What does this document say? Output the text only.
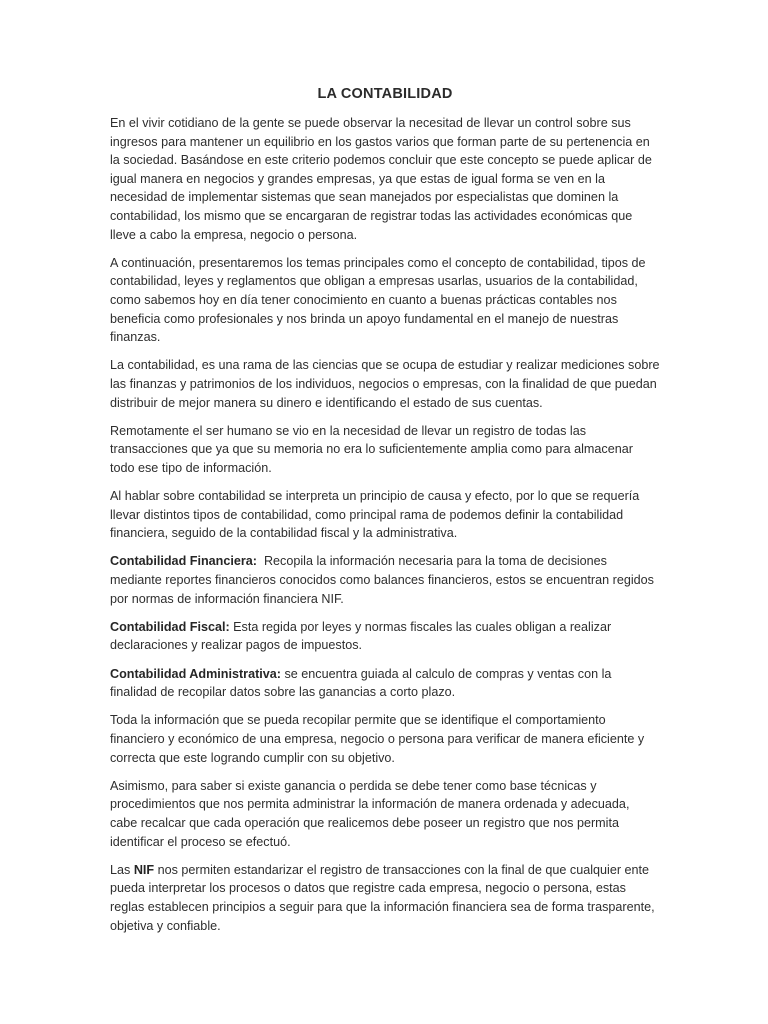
LA CONTABILIDAD

En el vivir cotidiano de la gente se puede observar la necesitad de llevar un control sobre sus ingresos para mantener un equilibrio en los gastos varios que forman parte de su pertenencia en la sociedad. Basándose en este criterio podemos concluir que este concepto se puede aplicar de igual manera en negocios y grandes empresas, ya que estas de igual forma se ven en la necesidad de implementar sistemas que sean manejados por especialistas que dominen la contabilidad, los mismo que se encargaran de registrar todas las actividades económicas que lleve a cabo la empresa, negocio o persona.

A continuación, presentaremos los temas principales como el concepto de contabilidad, tipos de contabilidad, leyes y reglamentos que obligan a empresas usarlas, usuarios de la contabilidad, como sabemos hoy en día tener conocimiento en cuanto a buenas prácticas contables nos beneficia como profesionales y nos brinda un apoyo fundamental en el manejo de nuestras finanzas.

La contabilidad, es una rama de las ciencias que se ocupa de estudiar y realizar mediciones sobre las finanzas y patrimonios de los individuos, negocios o empresas, con la finalidad de que puedan distribuir de mejor manera su dinero e identificando el estado de sus cuentas.

Remotamente el ser humano se vio en la necesidad de llevar un registro de todas las transacciones que ya que su memoria no era lo suficientemente amplia como para almacenar todo ese tipo de información.

Al hablar sobre contabilidad se interpreta un principio de causa y efecto, por lo que se requería llevar distintos tipos de contabilidad, como principal rama de podemos definir la contabilidad financiera, seguido de la contabilidad fiscal y la administrativa.

Contabilidad Financiera:  Recopila la información necesaria para la toma de decisiones mediante reportes financieros conocidos como balances financieros, estos se encuentran regidos por normas de información financiera NIF.

Contabilidad Fiscal: Esta regida por leyes y normas fiscales las cuales obligan a realizar declaraciones y realizar pagos de impuestos.

Contabilidad Administrativa: se encuentra guiada al calculo de compras y ventas con la finalidad de recopilar datos sobre las ganancias a corto plazo.

Toda la información que se pueda recopilar permite que se identifique el comportamiento financiero y económico de una empresa, negocio o persona para verificar de manera eficiente y correcta que este logrando cumplir con su objetivo.

Asimismo, para saber si existe ganancia o perdida se debe tener como base técnicas y procedimientos que nos permita administrar la información de manera ordenada y adecuada, cabe recalcar que cada operación que realicemos debe poseer un registro que nos permita identificar el proceso se efectuó.

Las NIF nos permiten estandarizar el registro de transacciones con la final de que cualquier ente pueda interpretar los procesos o datos que registre cada empresa, negocio o persona, estas reglas establecen principios a seguir para que la información financiera sea de forma trasparente, objetiva y confiable.
